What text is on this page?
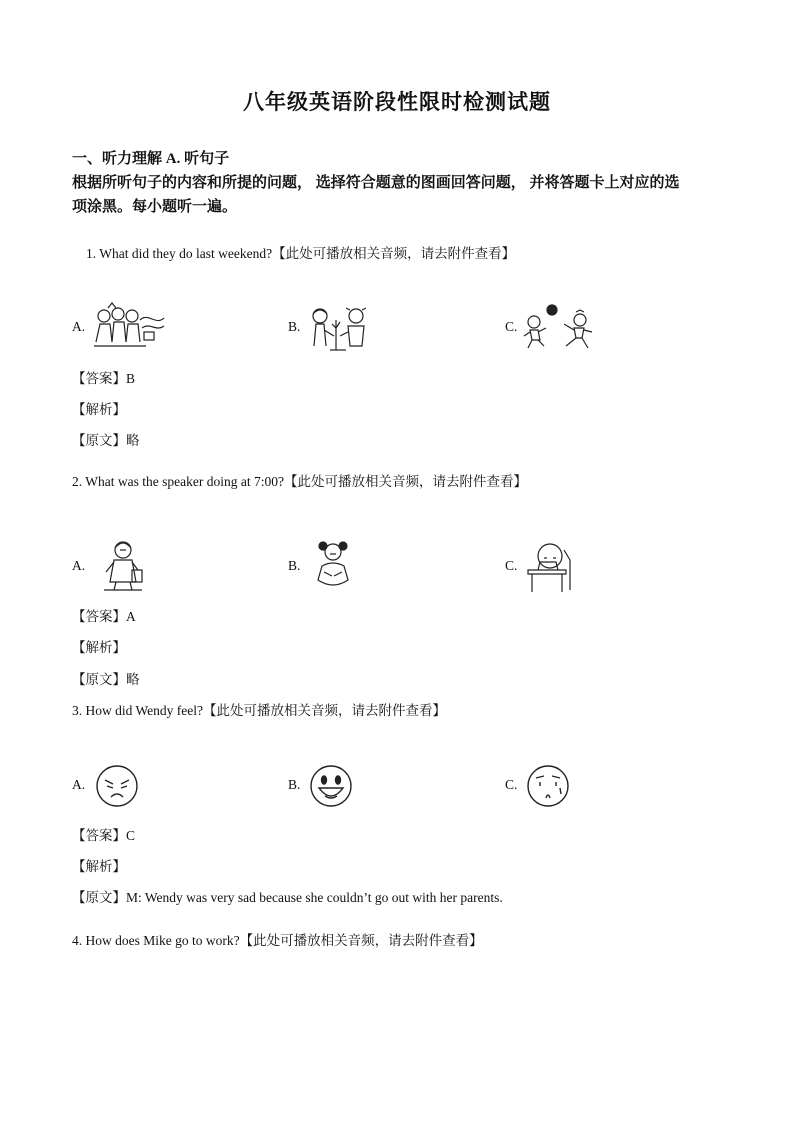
八年级英语阶段性限时检测试题
一、听力理解 A. 听句子
根据所听句子的内容和所提的问题， 选择符合题意的图画回答问题， 并将答题卡上对应的选
项涂黑。每小题听一遍。
1. What did they do last weekend?【此处可播放相关音频，请去附件查看】
A.	B.	C.
【答案】B
【解析】
【原文】略
2. What was the speaker doing at 7:00?【此处可播放相关音频，请去附件查看】
A.	B.	C.
【答案】A
【解析】
【原文】略
3. How did Wendy feel?【此处可播放相关音频，请去附件查看】
A.	B.	C.
【答案】C
【解析】
【原文】M: Wendy was very sad because she couldn’t go out with her parents.
4. How does Mike go to work?【此处可播放相关音频，请去附件查看】
